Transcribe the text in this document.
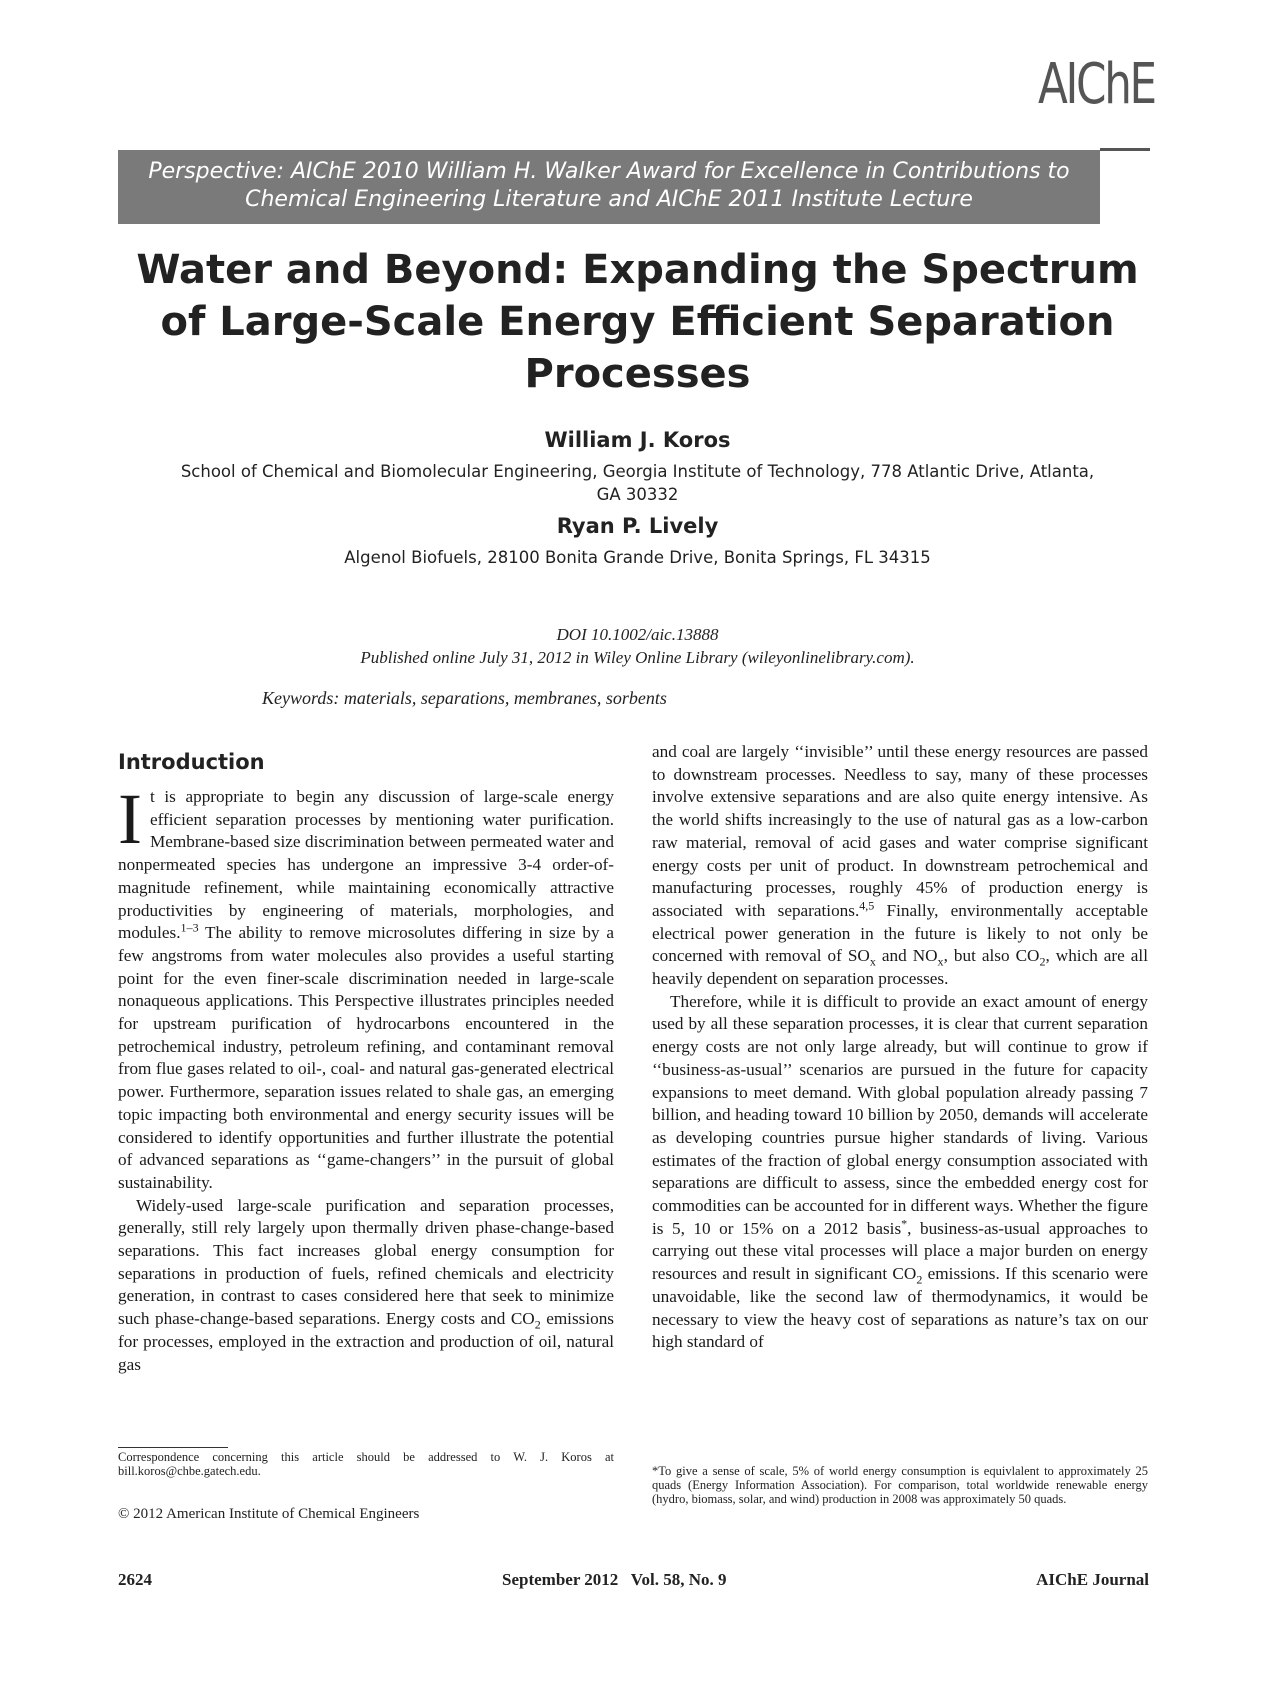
AIChE
Perspective: AIChE 2010 William H. Walker Award for Excellence in Contributions to
Chemical Engineering Literature and AIChE 2011 Institute Lecture
Water and Beyond: Expanding the Spectrum
of Large-Scale Energy Efficient Separation
Processes
William J. Koros
School of Chemical and Biomolecular Engineering, Georgia Institute of Technology, 778 Atlantic Drive, Atlanta,
GA 30332
Ryan P. Lively
Algenol Biofuels, 28100 Bonita Grande Drive, Bonita Springs, FL 34315
DOI 10.1002/aic.13888
Published online July 31, 2012 in Wiley Online Library (wileyonlinelibrary.com).
Keywords: materials, separations, membranes, sorbents
Introduction

It is appropriate to begin any discussion of large-scale energy efficient separation processes by mentioning water purification. Membrane-based size discrimination between permeated water and nonpermeated species has undergone an impressive 3-4 order-of-magnitude refinement, while maintaining economically attractive productivities by engineering of materials, morphologies, and modules.$^{1-3}$ The ability to remove microsolutes differing in size by a few angstroms from water molecules also provides a useful starting point for the even finer-scale discrimination needed in large-scale nonaqueous applications. This Perspective illustrates principles needed for upstream purification of hydrocarbons encountered in the petrochemical industry, petroleum refining, and contaminant removal from flue gases related to oil-, coal- and natural gas-generated electrical power. Furthermore, separation issues related to shale gas, an emerging topic impacting both environmental and energy security issues will be considered to identify opportunities and further illustrate the potential of advanced separations as ‘‘game-changers’’ in the pursuit of global sustainability.

Widely-used large-scale purification and separation processes, generally, still rely largely upon thermally driven phase-change-based separations. This fact increases global energy consumption for separations in production of fuels, refined chemicals and electricity generation, in contrast to cases considered here that seek to minimize such phase-change-based separations. Energy costs and $CO_2$ emissions for processes, employed in the extraction and production of oil, natural gas

and coal are largely ‘‘invisible’’ until these energy resources are passed to downstream processes. Needless to say, many of these processes involve extensive separations and are also quite energy intensive. As the world shifts increasingly to the use of natural gas as a low-carbon raw material, removal of acid gases and water comprise significant energy costs per unit of product. In downstream petrochemical and manufacturing processes, roughly 45% of production energy is associated with separations.$^{4,5}$ Finally, environmentally acceptable electrical power generation in the future is likely to not only be concerned with removal of $SO_x$ and $NO_x$, but also $CO_2$, which are all heavily dependent on separation processes.

Therefore, while it is difficult to provide an exact amount of energy used by all these separation processes, it is clear that current separation energy costs are not only large already, but will continue to grow if ‘‘business-as-usual’’ scenarios are pursued in the future for capacity expansions to meet demand. With global population already passing 7 billion, and heading toward 10 billion by 2050, demands will accelerate as developing countries pursue higher standards of living. Various estimates of the fraction of global energy consumption associated with separations are difficult to assess, since the embedded energy cost for commodities can be accounted for in different ways. Whether the figure is 5, 10 or 15% on a 2012 basis*, business-as-usual approaches to carrying out these vital processes will place a major burden on energy resources and result in significant $CO_2$ emissions. If this scenario were unavoidable, like the second law of thermodynamics, it would be necessary to view the heavy cost of separations as nature’s tax on our high standard of

Correspondence concerning this article should be addressed to W. J. Koros at bill.koros@chbe.gatech.edu.
© 2012 American Institute of Chemical Engineers
*To give a sense of scale, 5% of world energy consumption is equivlalent to approximately 25 quads (Energy Information Association). For comparison, total worldwide renewable energy (hydro, biomass, solar, and wind) production in 2008 was approximately 50 quads.
2624	September 2012   Vol. 58, No. 9	AIChE Journal
